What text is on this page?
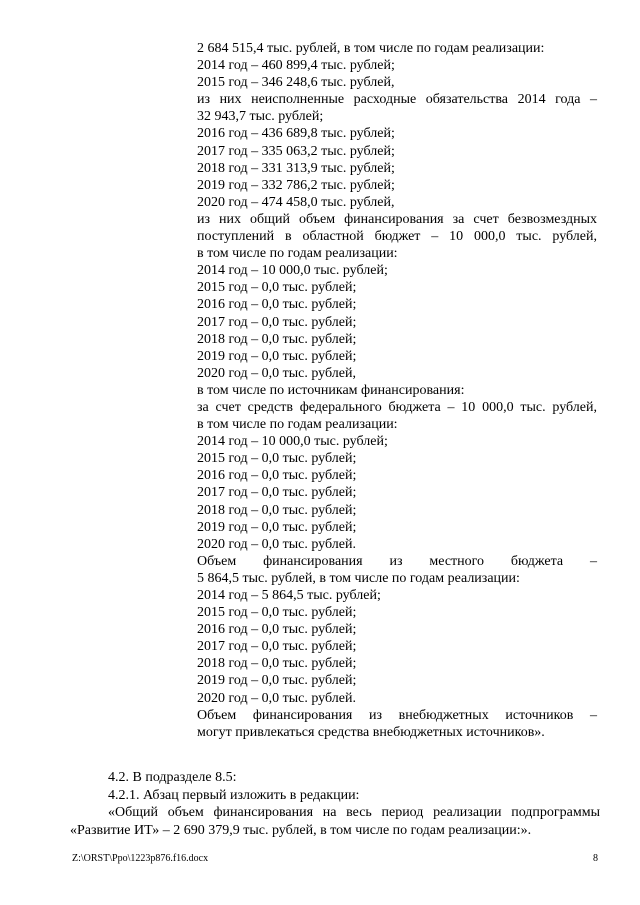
2 684 515,4 тыс. рублей, в том числе по годам реализации:
2014 год – 460 899,4 тыс. рублей;
2015 год – 346 248,6 тыс. рублей,
из них неисполненные расходные обязательства 2014 года –
32 943,7 тыс. рублей;
2016 год – 436 689,8 тыс. рублей;
2017 год – 335 063,2 тыс. рублей;
2018 год – 331 313,9 тыс. рублей;
2019 год – 332 786,2 тыс. рублей;
2020 год – 474 458,0 тыс. рублей,
из них общий объем финансирования за счет безвозмездных
поступлений в областной бюджет – 10 000,0 тыс. рублей,
в том числе по годам реализации:
2014 год – 10 000,0 тыс. рублей;
2015 год – 0,0 тыс. рублей;
2016 год – 0,0 тыс. рублей;
2017 год – 0,0 тыс. рублей;
2018 год – 0,0 тыс. рублей;
2019 год – 0,0 тыс. рублей;
2020 год – 0,0 тыс. рублей,
в том числе по источникам финансирования:
за счет средств федерального бюджета – 10 000,0 тыс. рублей,
в том числе по годам реализации:
2014 год – 10 000,0 тыс. рублей;
2015 год – 0,0 тыс. рублей;
2016 год – 0,0 тыс. рублей;
2017 год – 0,0 тыс. рублей;
2018 год – 0,0 тыс. рублей;
2019 год – 0,0 тыс. рублей;
2020 год – 0,0 тыс. рублей.
Объем финансирования из местного бюджета –
5 864,5 тыс. рублей, в том числе по годам реализации:
2014 год – 5 864,5 тыс. рублей;
2015 год – 0,0 тыс. рублей;
2016 год – 0,0 тыс. рублей;
2017 год – 0,0 тыс. рублей;
2018 год – 0,0 тыс. рублей;
2019 год – 0,0 тыс. рублей;
2020 год – 0,0 тыс. рублей.
Объем финансирования из внебюджетных источников –
могут привлекаться средства внебюджетных источников».
4.2. В подразделе 8.5:
4.2.1. Абзац первый изложить в редакции:
«Общий объем финансирования на весь период реализации подпрограммы
«Развитие ИТ» – 2 690 379,9 тыс. рублей, в том числе по годам реализации:».
Z:\ORST\Ppo\1223p876.f16.docx	8
